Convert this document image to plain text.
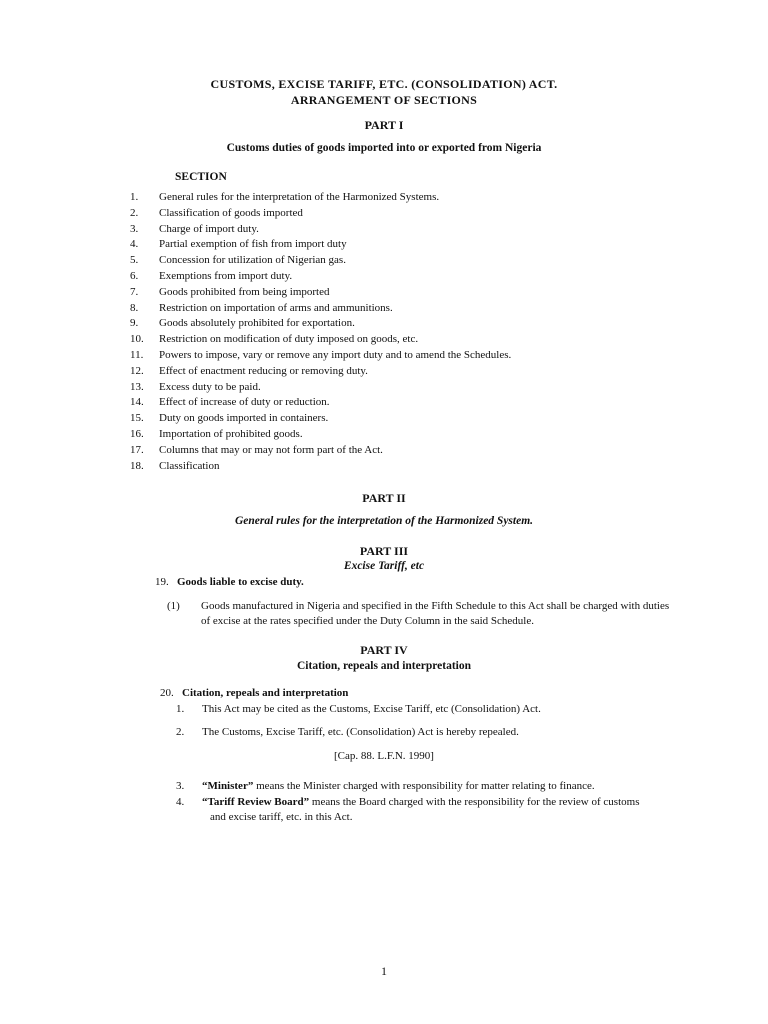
CUSTOMS, EXCISE TARIFF, ETC. (CONSOLIDATION) ACT.
ARRANGEMENT OF SECTIONS
PART I
Customs duties of goods imported into or exported from Nigeria
SECTION
1.	General rules for the interpretation of the Harmonized Systems.
2.	Classification of goods imported
3.	Charge of import duty.
4.	Partial exemption of fish from import duty
5.	Concession for utilization of Nigerian gas.
6.	Exemptions from import duty.
7.	Goods prohibited from being imported
8.	Restriction on importation of arms and ammunitions.
9.	Goods absolutely prohibited for exportation.
10.	Restriction on modification of duty imposed on goods, etc.
11.	Powers to impose, vary or remove any import duty and to amend the Schedules.
12.	Effect of enactment reducing or removing duty.
13.	Excess duty to be paid.
14.	Effect of increase of duty or reduction.
15.	Duty on goods imported in containers.
16.	Importation of prohibited goods.
17.	Columns that may or may not form part of the Act.
18.	Classification
PART II
General rules for the interpretation of the Harmonized System.
PART III
Excise Tariff, etc
19. Goods liable to excise duty.
(1) Goods manufactured in Nigeria and specified in the Fifth Schedule to this Act shall be charged with duties
of excise at the rates specified under the Duty Column in the said Schedule.
PART IV
Citation, repeals and interpretation
20. Citation, repeals and interpretation
1. This Act may be cited as the Customs, Excise Tariff, etc (Consolidation) Act.
2. The Customs, Excise Tariff, etc. (Consolidation) Act is hereby repealed.
[Cap. 88. L.F.N. 1990]
3. “Minister” means the Minister charged with responsibility for matter relating to finance.
4. “Tariff Review Board” means the Board charged with the responsibility for the review of customs
and excise tariff, etc. in this Act.
1
